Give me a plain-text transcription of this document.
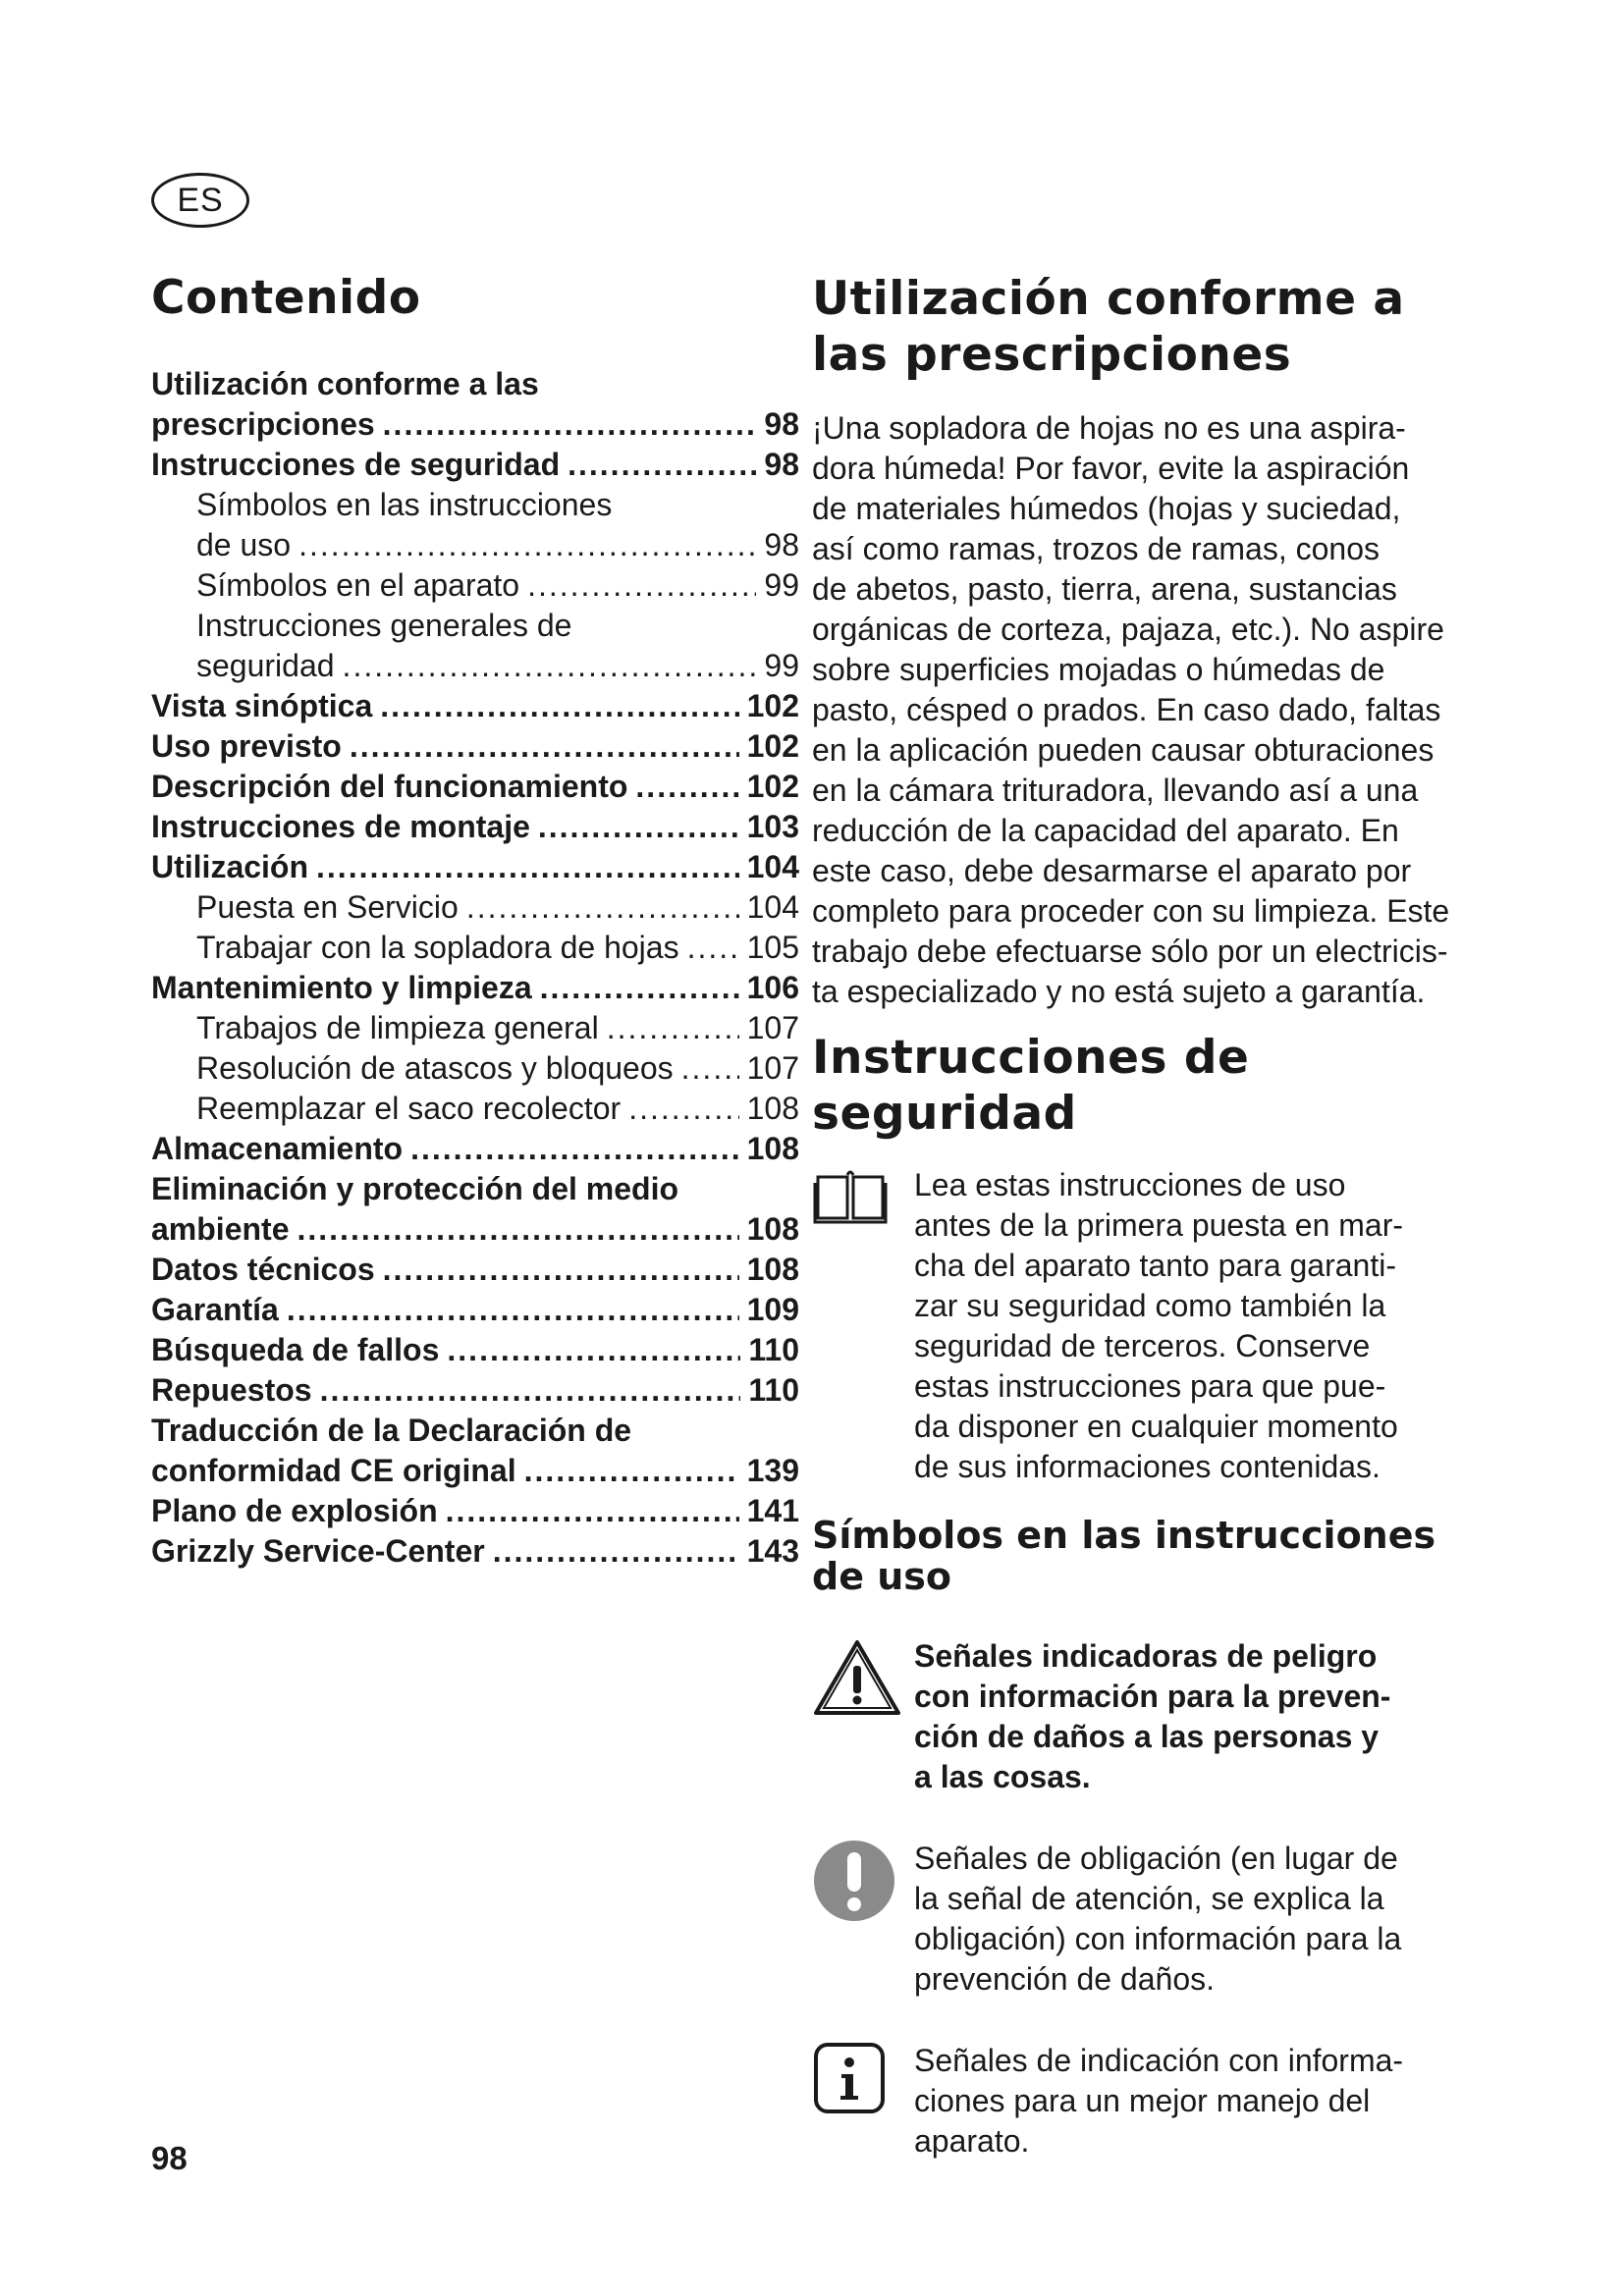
ES
Contenido
Utilización conforme a las
prescripciones .....	98
Instrucciones de seguridad .....	98
Símbolos en las instrucciones
de uso .....	98
Símbolos en el aparato .....	99
Instrucciones generales de
seguridad .....	99
Vista sinóptica .....	102
Uso previsto .....	102
Descripción del funcionamiento .....	102
Instrucciones de montaje .....	103
Utilización .....	104
Puesta en Servicio .....	104
Trabajar con la sopladora de hojas ..... 105
Mantenimiento y limpieza .....	106
Trabajos de limpieza general .....	107
Resolución de atascos y bloqueos ..... 107
Reemplazar el saco recolector .....	108
Almacenamiento .....	108
Eliminación y protección del medio
ambiente .....	108
Datos técnicos .....	108
Garantía .....	109
Búsqueda de fallos .....	110
Repuestos .....	110
Traducción de la Declaración de
conformidad CE original .....	139
Plano de explosión .....	141
Grizzly Service-Center .....	143
Utilización conforme a
las prescripciones

¡Una sopladora de hojas no es una aspira-

dora húmeda! Por favor, evite la aspiración

de materiales húmedos (hojas y suciedad,

así como ramas, trozos de ramas, conos

de abetos, pasto, tierra, arena, sustancias

orgánicas de corteza, pajaza, etc.). No aspire

sobre superficies mojadas o húmedas de

pasto, césped o prados. En caso dado, faltas

en la aplicación pueden causar obturaciones

en la cámara trituradora, llevando así a una

reducción de la capacidad del aparato. En

este caso, debe desarmarse el aparato por

completo para proceder con su limpieza. Este

trabajo debe efectuarse sólo por un electricis-

ta especializado y no está sujeto a garantía.

Instrucciones de seguridad
Lea estas instrucciones de uso
antes de la primera puesta en mar-
cha del aparato tanto para garanti-
zar su seguridad como también la
seguridad de terceros. Conserve
estas instrucciones para que pue-
da disponer en cualquier momento
de sus informaciones contenidas.
Símbolos en las instrucciones
de uso
Señales indicadoras de peligro
con información para la preven-
ción de daños a las personas y
a las cosas.
Señales de obligación (en lugar de
la señal de atención, se explica la
obligación) con información para la
prevención de daños.
Señales de indicación con informa-
ciones para un mejor manejo del
aparato.
98
